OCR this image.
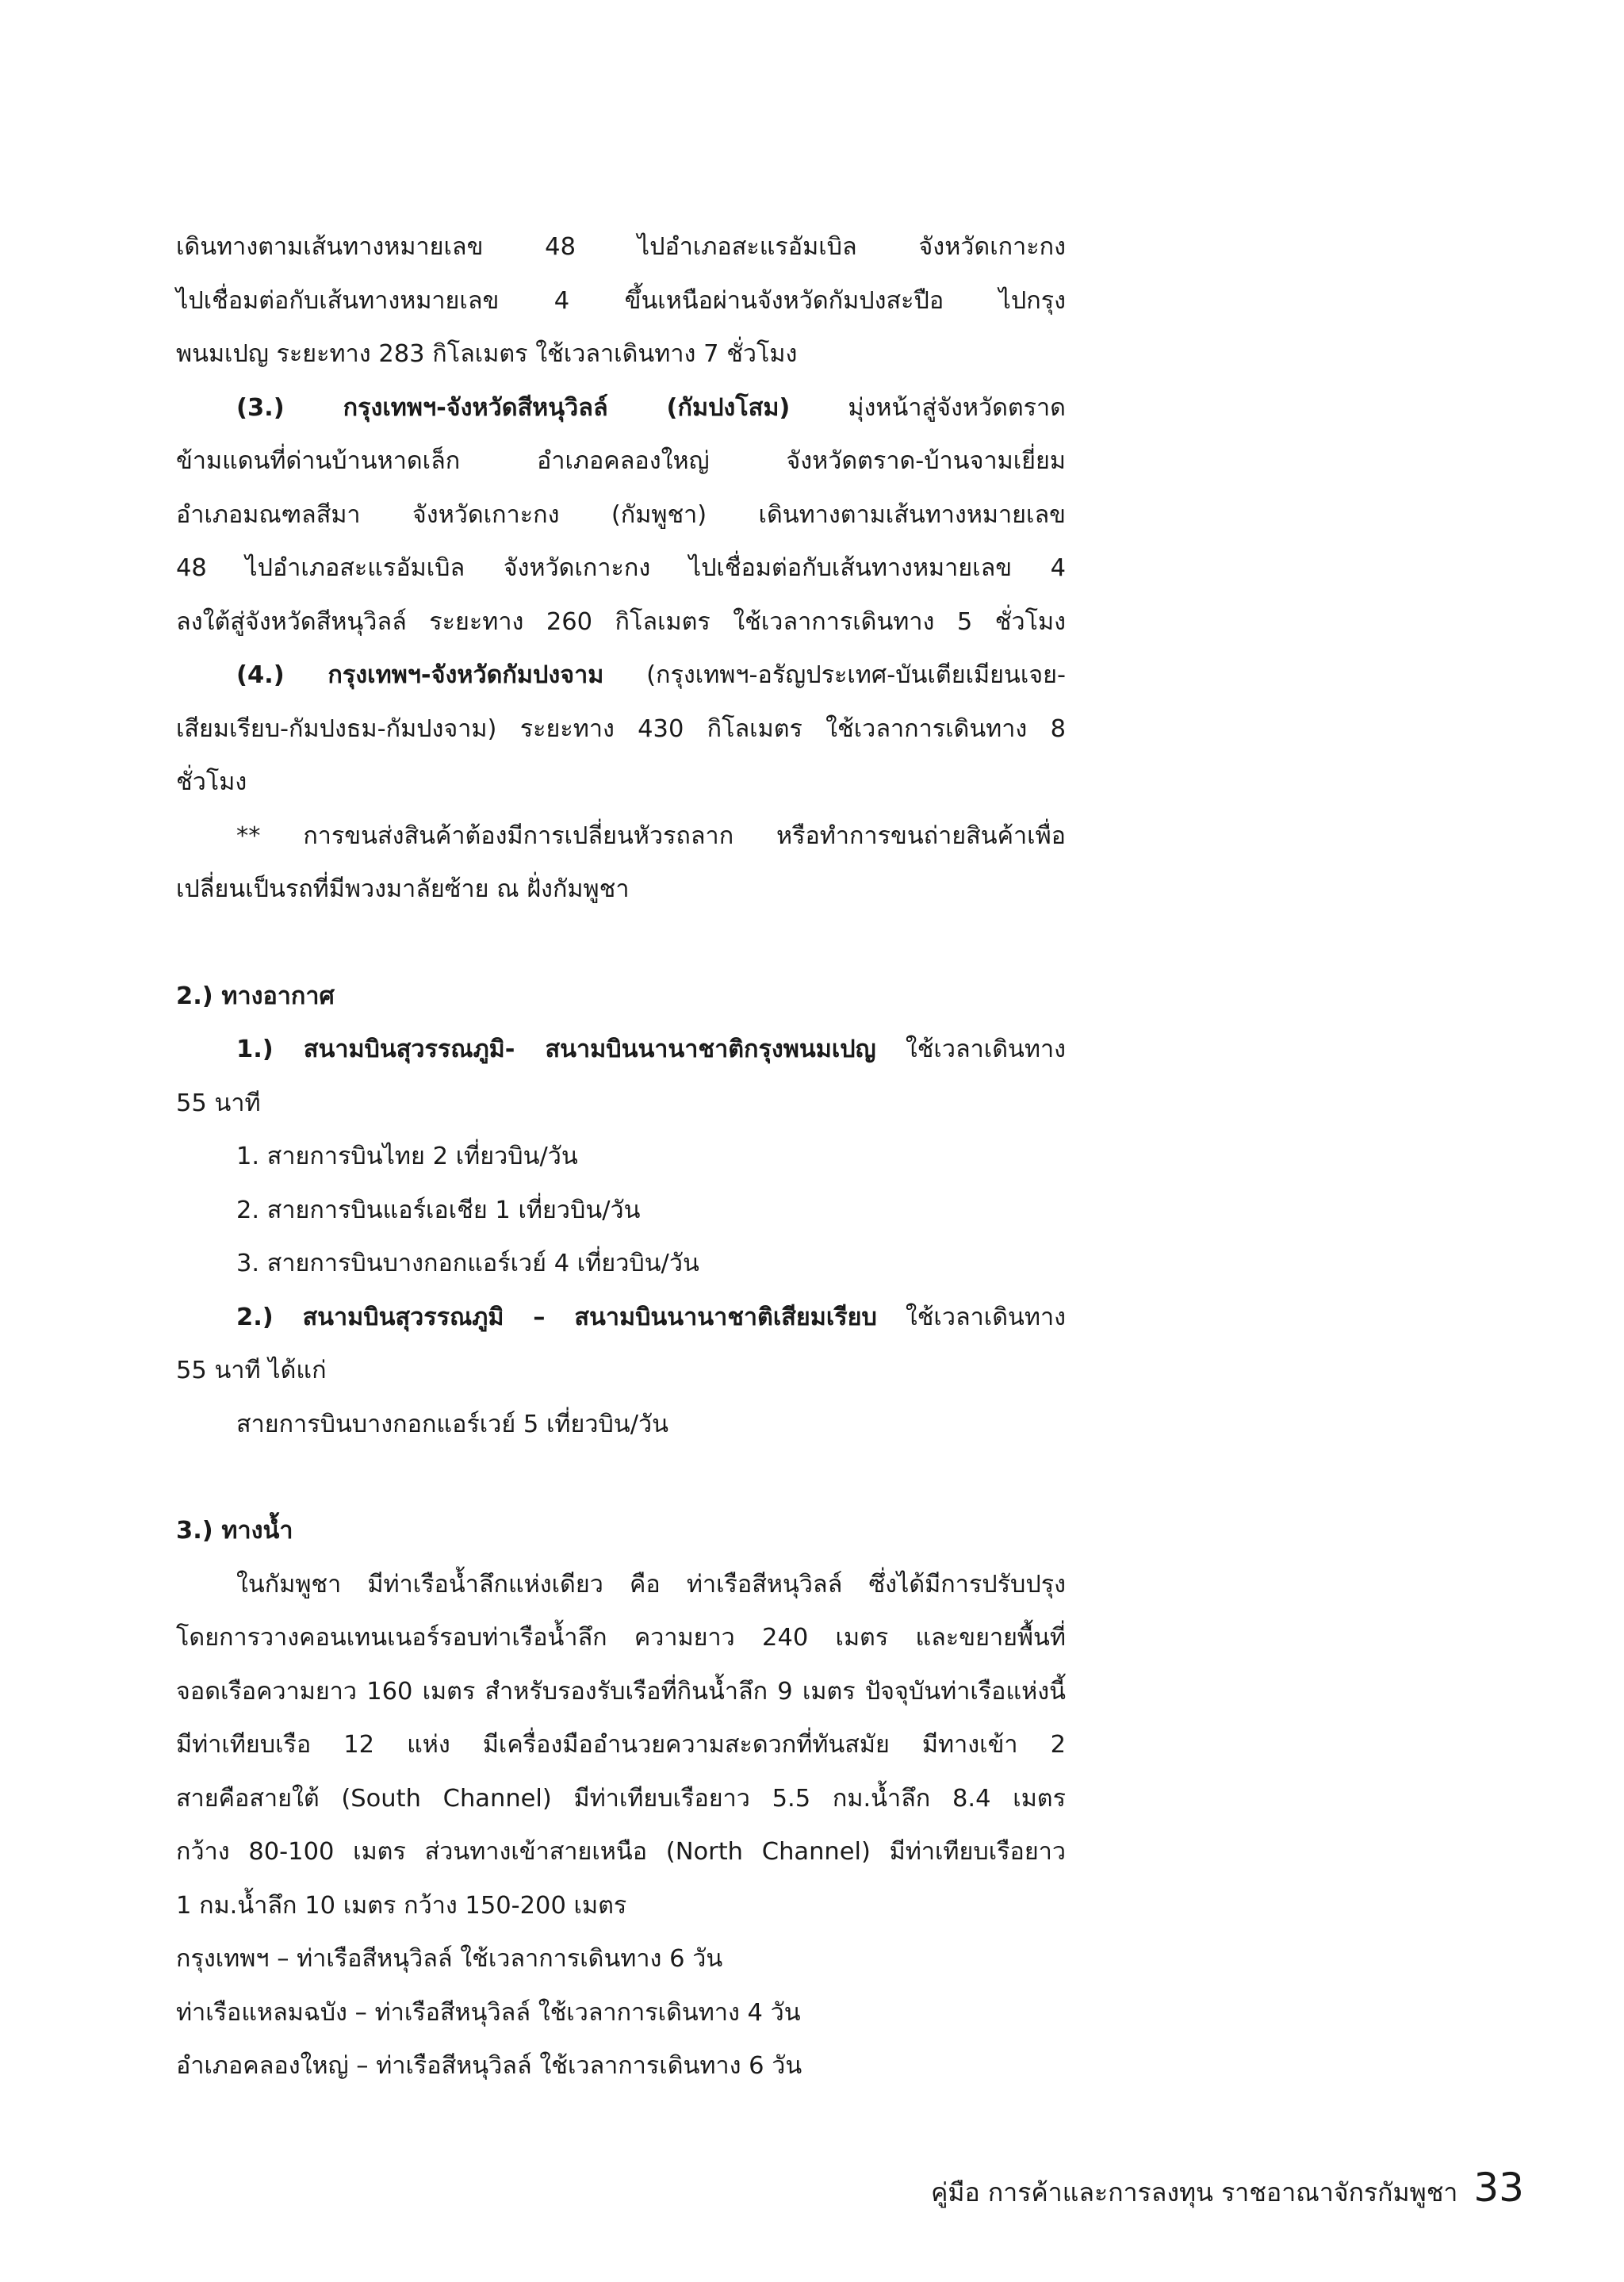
เดินทางตามเส้นทางหมายเลข 48 ไปอำเภอสะแรอัมเบิล จังหวัดเกาะกง
ไปเชื่อมต่อกับเส้นทางหมายเลข 4 ขึ้นเหนือผ่านจังหวัดกัมปงสะปือ ไปกรุง
พนมเปญ ระยะทาง 283 กิโลเมตร ใช้เวลาเดินทาง 7 ชั่วโมง
(3.) กรุงเทพฯ-จังหวัดสีหนุวิลล์ (กัมปงโสม) มุ่งหน้าสู่จังหวัดตราด
ข้ามแดนที่ด่านบ้านหาดเล็ก อำเภอคลองใหญ่ จังหวัดตราด-บ้านจามเยี่ยม
อำเภอมณฑลสีมา จังหวัดเกาะกง (กัมพูชา) เดินทางตามเส้นทางหมายเลข
48 ไปอำเภอสะแรอัมเบิล จังหวัดเกาะกง ไปเชื่อมต่อกับเส้นทางหมายเลข 4
ลงใต้สู่จังหวัดสีหนุวิลล์ ระยะทาง 260 กิโลเมตร ใช้เวลาการเดินทาง 5 ชั่วโมง
(4.) กรุงเทพฯ-จังหวัดกัมปงจาม (กรุงเทพฯ-อรัญประเทศ-บันเตียเมียนเจย-
เสียมเรียบ-กัมปงธม-กัมปงจาม) ระยะทาง 430 กิโลเมตร ใช้เวลาการเดินทาง 8
ชั่วโมง
** การขนส่งสินค้าต้องมีการเปลี่ยนหัวรถลาก หรือทำการขนถ่ายสินค้าเพื่อ
เปลี่ยนเป็นรถที่มีพวงมาลัยซ้าย ณ ฝั่งกัมพูชา
2.) ทางอากาศ
1.) สนามบินสุวรรณภูมิ- สนามบินนานาชาติกรุงพนมเปญ ใช้เวลาเดินทาง
55 นาที
1. สายการบินไทย 2 เที่ยวบิน/วัน
2. สายการบินแอร์เอเชีย 1 เที่ยวบิน/วัน
3. สายการบินบางกอกแอร์เวย์ 4 เที่ยวบิน/วัน
2.) สนามบินสุวรรณภูมิ – สนามบินนานาชาติเสียมเรียบ ใช้เวลาเดินทาง
55 นาที ได้แก่
สายการบินบางกอกแอร์เวย์ 5 เที่ยวบิน/วัน
3.) ทางน้ำ
ในกัมพูชา มีท่าเรือน้ำลึกแห่งเดียว คือ ท่าเรือสีหนุวิลล์ ซึ่งได้มีการปรับปรุง
โดยการวางคอนเทนเนอร์รอบท่าเรือน้ำลึก ความยาว 240 เมตร และขยายพื้นที่
จอดเรือความยาว 160 เมตร สำหรับรองรับเรือที่กินน้ำลึก 9 เมตร ปัจจุบันท่าเรือแห่งนี้
มีท่าเทียบเรือ 12 แห่ง มีเครื่องมืออำนวยความสะดวกที่ทันสมัย มีทางเข้า 2
สายคือสายใต้ (South Channel) มีท่าเทียบเรือยาว 5.5 กม.น้ำลึก 8.4 เมตร
กว้าง 80-100 เมตร ส่วนทางเข้าสายเหนือ (North Channel) มีท่าเทียบเรือยาว
1 กม.น้ำลึก 10 เมตร กว้าง 150-200 เมตร
กรุงเทพฯ – ท่าเรือสีหนุวิลล์ ใช้เวลาการเดินทาง 6 วัน
ท่าเรือแหลมฉบัง – ท่าเรือสีหนุวิลล์ ใช้เวลาการเดินทาง 4 วัน
อำเภอคลองใหญ่ – ท่าเรือสีหนุวิลล์ ใช้เวลาการเดินทาง 6 วัน
คู่มือ การค้าและการลงทุน ราชอาณาจักรกัมพูชา 33
